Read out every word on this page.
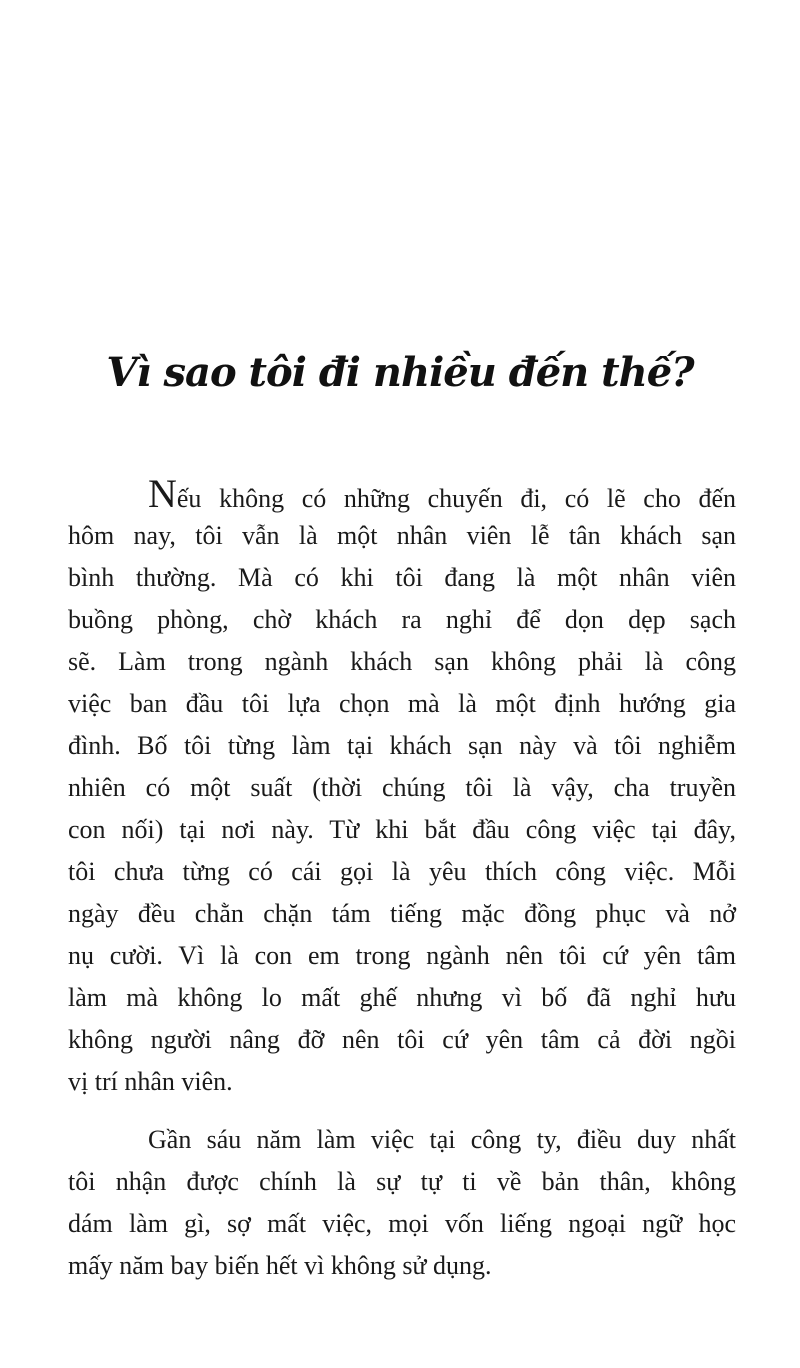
Vì sao tôi đi nhiều đến thế?
Nếu không có những chuyến đi, có lẽ cho đến
hôm nay, tôi vẫn là một nhân viên lễ tân khách sạn
bình thường. Mà có khi tôi đang là một nhân viên
buồng phòng, chờ khách ra nghỉ để dọn dẹp sạch
sẽ. Làm trong ngành khách sạn không phải là công
việc ban đầu tôi lựa chọn mà là một định hướng gia
đình. Bố tôi từng làm tại khách sạn này và tôi nghiễm
nhiên có một suất (thời chúng tôi là vậy, cha truyền
con nối) tại nơi này. Từ khi bắt đầu công việc tại đây,
tôi chưa từng có cái gọi là yêu thích công việc. Mỗi
ngày đều chằn chặn tám tiếng mặc đồng phục và nở
nụ cười. Vì là con em trong ngành nên tôi cứ yên tâm
làm mà không lo mất ghế nhưng vì bố đã nghỉ hưu
không người nâng đỡ nên tôi cứ yên tâm cả đời ngồi
vị trí nhân viên.
Gần sáu năm làm việc tại công ty, điều duy nhất
tôi nhận được chính là sự tự ti về bản thân, không
dám làm gì, sợ mất việc, mọi vốn liếng ngoại ngữ học
mấy năm bay biến hết vì không sử dụng.
